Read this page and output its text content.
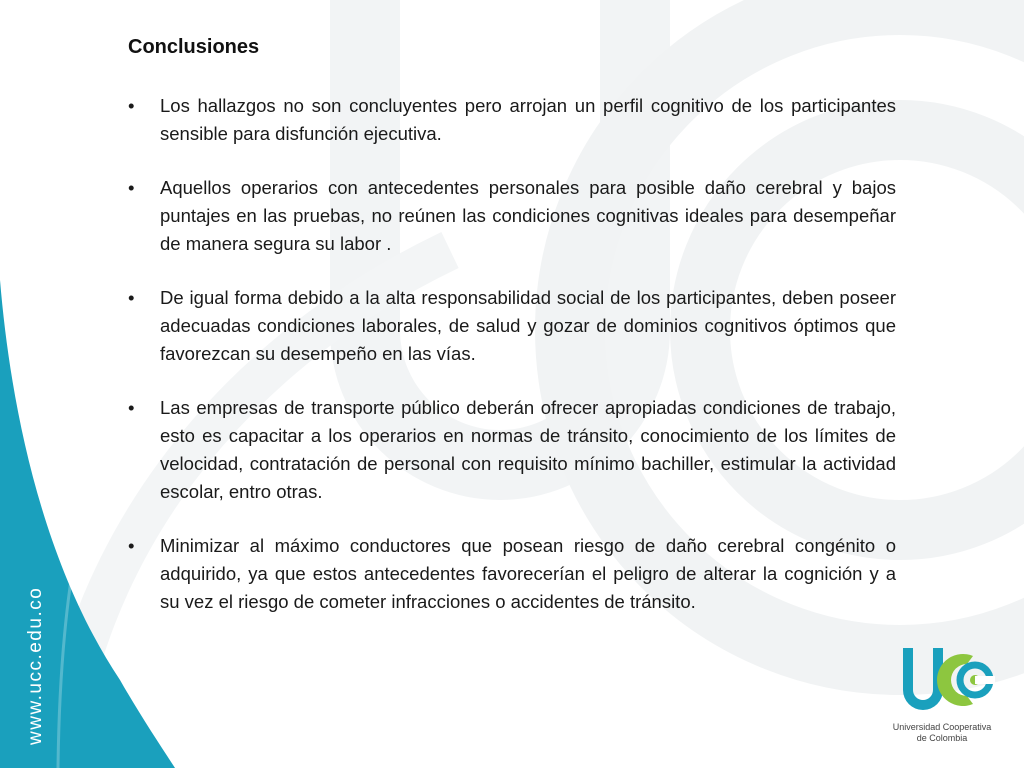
www.ucc.edu.co
Conclusiones
• Los hallazgos no son concluyentes pero arrojan un perfil cognitivo de los participantes sensible para disfunción ejecutiva.
• Aquellos operarios con antecedentes personales para posible daño cerebral y bajos puntajes en las pruebas, no reúnen las condiciones cognitivas ideales para desempeñar de manera segura su labor .
• De igual forma debido a la alta responsabilidad social de los participantes, deben poseer adecuadas condiciones laborales, de salud y gozar de dominios cognitivos óptimos que favorezcan su desempeño en las vías.
• Las empresas de transporte público deberán ofrecer apropiadas condiciones de trabajo, esto es capacitar a los operarios en normas de tránsito, conocimiento de los límites de velocidad, contratación de personal con requisito mínimo bachiller, estimular la actividad escolar, entro otras.
• Minimizar al máximo conductores que posean riesgo de daño cerebral congénito o adquirido, ya que estos antecedentes favorecerían el peligro de alterar la cognición y a su vez el riesgo de cometer infracciones o accidentes de tránsito.
Universidad Cooperativa
de Colombia
